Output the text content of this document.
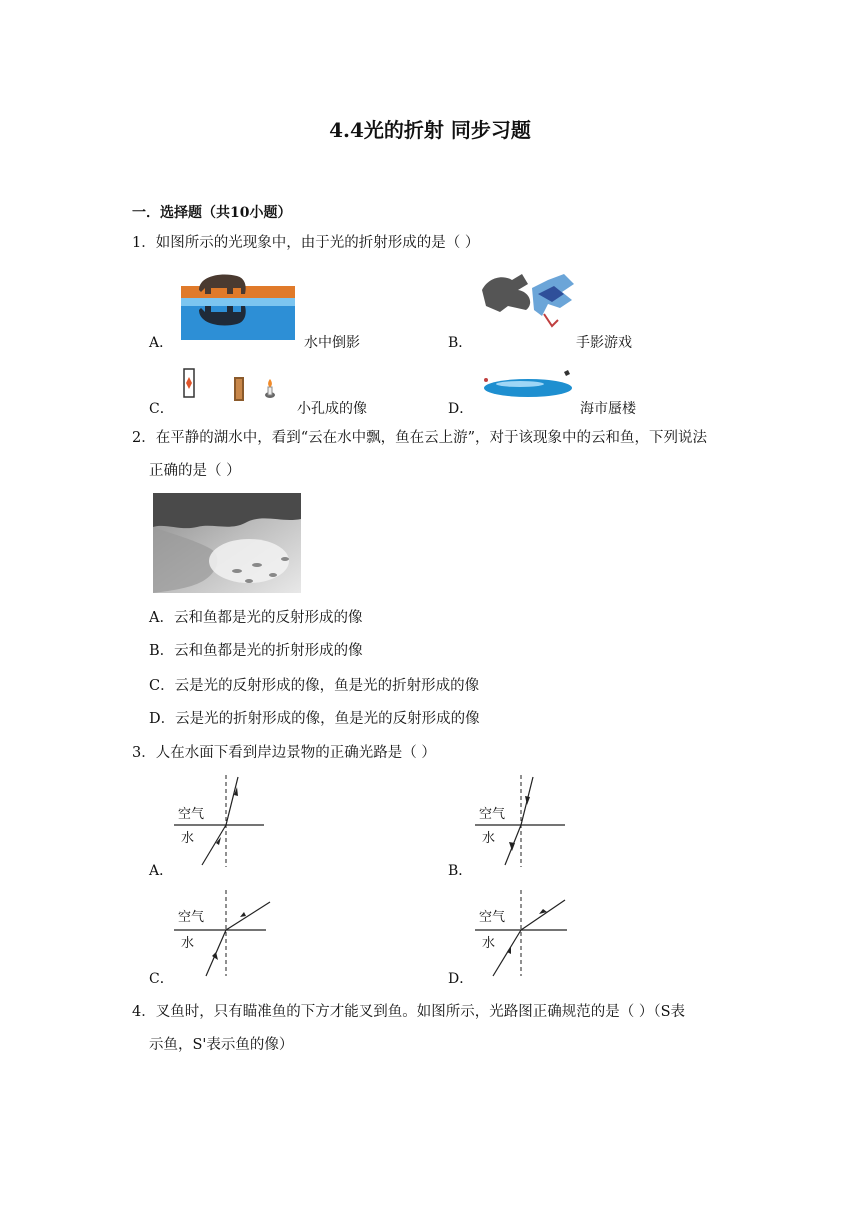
4.4光的折射 同步习题
一．选择题（共10小题）
1．如图所示的光现象中，由于光的折射形成的是（ ）
A．	水中倒影	B．	手影游戏
C．	小孔成的像	D．	海市蜃楼
2．在平静的湖水中，看到“云在水中飘，鱼在云上游”，对于该现象中的云和鱼，下列说法
正确的是（ ）
A．云和鱼都是光的反射形成的像
B．云和鱼都是光的折射形成的像
C．云是光的反射形成的像，鱼是光的折射形成的像
D．云是光的折射形成的像，鱼是光的反射形成的像
3．人在水面下看到岸边景物的正确光路是（ ）
空气
水
A．
空气
水
B．
空气
水
C．
空气
水
D．
4．叉鱼时，只有瞄准鱼的下方才能叉到鱼。如图所示，光路图正确规范的是（ ）（S表
示鱼，S'表示鱼的像）
